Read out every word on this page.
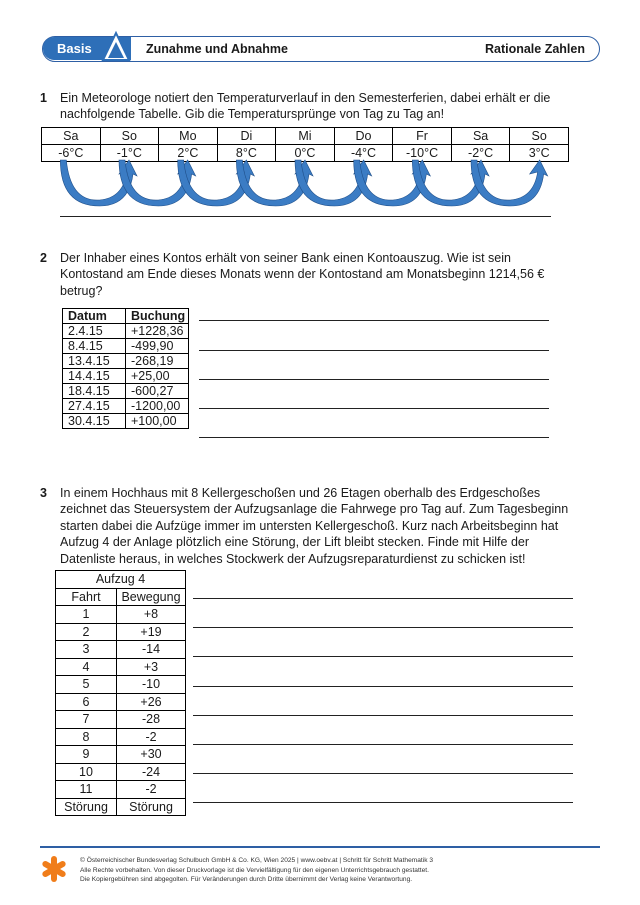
Basis	Zunahme und Abnahme	Rationale Zahlen
1 Ein Meteorologe notiert den Temperaturverlauf in den Semesterferien, dabei erhält er die
nachfolgende Tabelle. Gib die Temperatursprünge von Tag zu Tag an!
Sa	So	Mo	Di	Mi	Do	Fr	Sa	So
-6°C	-1°C	2°C	8°C	0°C	-4°C	-10°C	-2°C	3°C
2 Der Inhaber eines Kontos erhält von seiner Bank einen Kontoauszug. Wie ist sein
Kontostand am Ende dieses Monats wenn der Kontostand am Monatsbeginn 1214,56 €
betrug?
Datum	Buchung
2.4.15	+1228,36
8.4.15	-499,90
13.4.15	-268,19
14.4.15	+25,00
18.4.15	-600,27
27.4.15	-1200,00
30.4.15	+100,00
3 In einem Hochhaus mit 8 Kellergeschoßen und 26 Etagen oberhalb des Erdgeschoßes
zeichnet das Steuersystem der Aufzugsanlage die Fahrwege pro Tag auf. Zum Tagesbeginn
starten dabei die Aufzüge immer im untersten Kellergeschoß. Kurz nach Arbeitsbeginn hat
Aufzug 4 der Anlage plötzlich eine Störung, der Lift bleibt stecken. Finde mit Hilfe der
Datenliste heraus, in welches Stockwerk der Aufzugsreparaturdienst zu schicken ist!
Aufzug 4	
Fahrt	Bewegung
1	+8
2	+19
3	-14
4	+3
5	-10
6	+26
7	-28
8	-2
9	+30
10	-24
11	-2
Störung	Störung
© Österreichischer Bundesverlag Schulbuch GmbH & Co. KG, Wien 2025 | www.oebv.at | Schritt für Schritt Mathematik 3
Alle Rechte vorbehalten. Von dieser Druckvorlage ist die Vervielfältigung für den eigenen Unterrichtsgebrauch gestattet.
Die Kopiergebühren sind abgegolten. Für Veränderungen durch Dritte übernimmt der Verlag keine Verantwortung.
